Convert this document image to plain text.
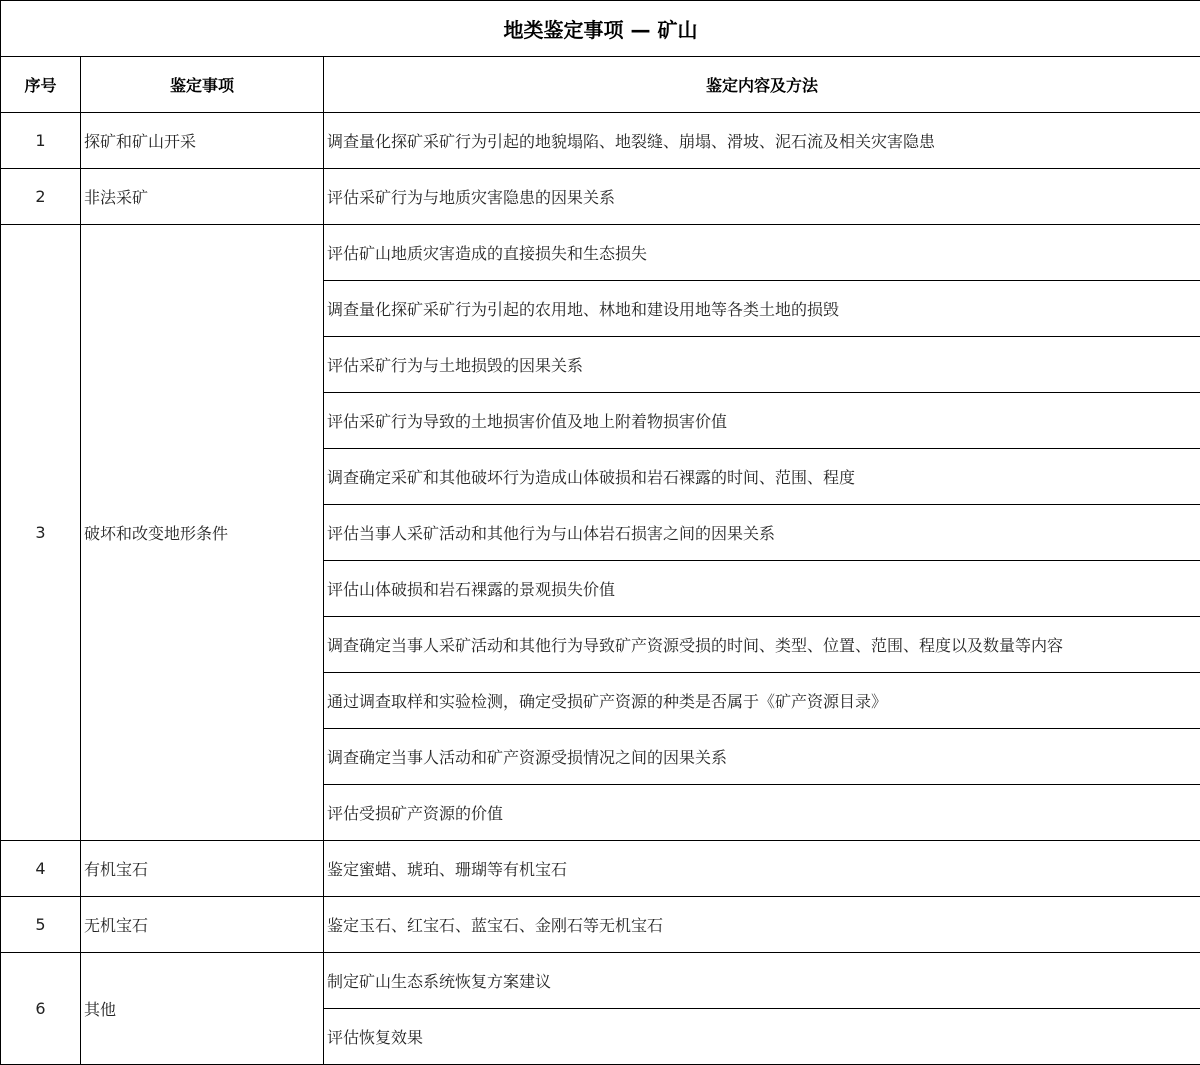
地类鉴定事项 — 矿山		
序号	鉴定事项	鉴定内容及方法
1	探矿和矿山开采	调查量化探矿采矿行为引起的地貌塌陷、地裂缝、崩塌、滑坡、泥石流及相关灾害隐患
2	非法采矿	评估采矿行为与地质灾害隐患的因果关系
3	破坏和改变地形条件	评估矿山地质灾害造成的直接损失和生态损失
		调查量化探矿采矿行为引起的农用地、林地和建设用地等各类土地的损毁
		评估采矿行为与土地损毁的因果关系
		评估采矿行为导致的土地损害价值及地上附着物损害价值
		调查确定采矿和其他破坏行为造成山体破损和岩石裸露的时间、范围、程度
		评估当事人采矿活动和其他行为与山体岩石损害之间的因果关系
		评估山体破损和岩石裸露的景观损失价值
		调查确定当事人采矿活动和其他行为导致矿产资源受损的时间、类型、位置、范围、程度以及数量等内容
		通过调查取样和实验检测，确定受损矿产资源的种类是否属于《矿产资源目录》
		调查确定当事人活动和矿产资源受损情况之间的因果关系
		评估受损矿产资源的价值
4	有机宝石	鉴定蜜蜡、琥珀、珊瑚等有机宝石
5	无机宝石	鉴定玉石、红宝石、蓝宝石、金刚石等无机宝石
6	其他	制定矿山生态系统恢复方案建议
		评估恢复效果
